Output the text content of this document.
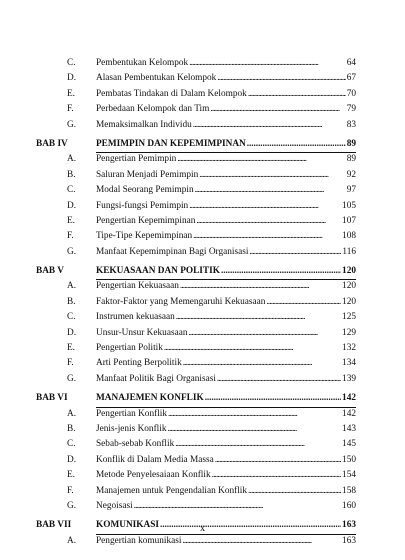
C.	Pembentukan Kelompok . . .	64
D.	Alasan Pembentukan Kelompok . . .	67
E.	Pembatas Tindakan di Dalam Kelompok . . .	70
F.	Perbedaan Kelompok dan Tim . . .	79
G.	Memaksimalkan Individu . . .	83
BAB IV	PEMIMPIN DAN KEPEMIMPINAN . . .	89
A.	Pengertian Pemimpin . . .	89
B.	Saluran Menjadi Pemimpin . . .	92
C.	Modal Seorang Pemimpin . . .	97
D.	Fungsi-fungsi Pemimpin . . .	105
E.	Pengertian Kepemimpinan . . .	107
F.	Tipe-Tipe Kepemimpinan . . .	108
G.	Manfaat Kepemimpinan Bagi Organisasi . . .	116
BAB V	KEKUASAAN DAN POLITIK . . .	120
A.	Pengertian Kekuasaan . . .	120
B.	Faktor-Faktor yang Memengaruhi Kekuasaan . . .	120
C.	Instrumen kekuasaan . . .	125
D.	Unsur-Unsur Kekuasaan . . .	129
E.	Pengertian Politik . . .	132
F.	Arti Penting Berpolitik . . .	134
G.	Manfaat Politik Bagi Organisasi . . .	139
BAB VI	MANAJEMEN KONFLIK . . .	142
A.	Pengertian Konflik . . .	142
B.	Jenis-jenis Konflik . . .	143
C.	Sebab-sebab Konflik . . .	145
D.	Konflik di Dalam Media Massa . . .	150
E.	Metode Penyelesaiaan Konflik . . .	154
F.	Manajemen untuk Pengendalian Konflik . . .	158
G.	Negoisasi . . .	160
BAB VII	KOMUNIKASI . . .	163
A.	Pengertian komunikasi . . .	163
x
